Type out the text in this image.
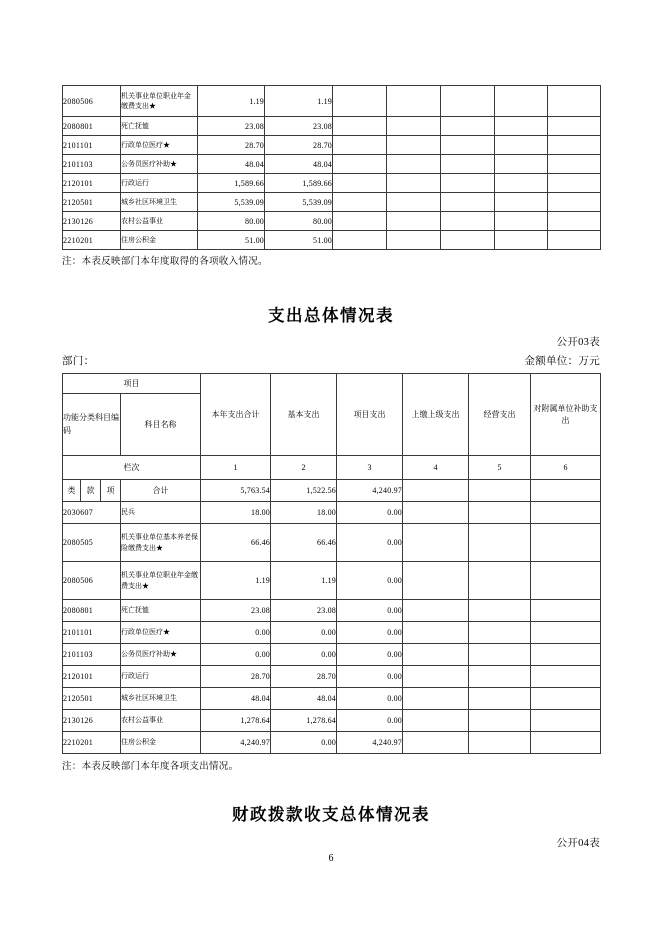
2080506	机关事业单位职业年金缴费支出★	1.19	1.19					
2080801	死亡抚恤	23.08	23.08					
2101101	行政单位医疗★	28.70	28.70					
2101103	公务员医疗补助★	48.04	48.04					
2120101	行政运行	1,589.66	1,589.66					
2120501	城乡社区环境卫生	5,539.09	5,539.09					
2130126	农村公益事业	80.00	80.00					
2210201	住房公积金	51.00	51.00					
注：本表反映部门本年度取得的各项收入情况。
支出总体情况表
公开03表
部门：	金额单位：万元
项目				本年支出合计	基本支出	项目支出	上缴上级支出	经营支出	对附属单位补助支出
功能分类科目编码			科目名称						
栏次				1	2	3	4	5	6
类	款	项	合计	5,763.54	1,522.56	4,240.97			
2030607			民兵	18.00	18.00	0.00			
2080505			机关事业单位基本养老保险缴费支出★	66.46	66.46	0.00			
2080506			机关事业单位职业年金缴费支出★	1.19	1.19	0.00			
2080801			死亡抚恤	23.08	23.08	0.00			
2101101			行政单位医疗★	0.00	0.00	0.00			
2101103			公务员医疗补助★	0.00	0.00	0.00			
2120101			行政运行	28.70	28.70	0.00			
2120501			城乡社区环境卫生	48.04	48.04	0.00			
2130126			农村公益事业	1,278.64	1,278.64	0.00			
2210201			住房公积金	4,240.97	0.00	4,240.97			
注：本表反映部门本年度各项支出情况。
财政拨款收支总体情况表
公开04表
6
